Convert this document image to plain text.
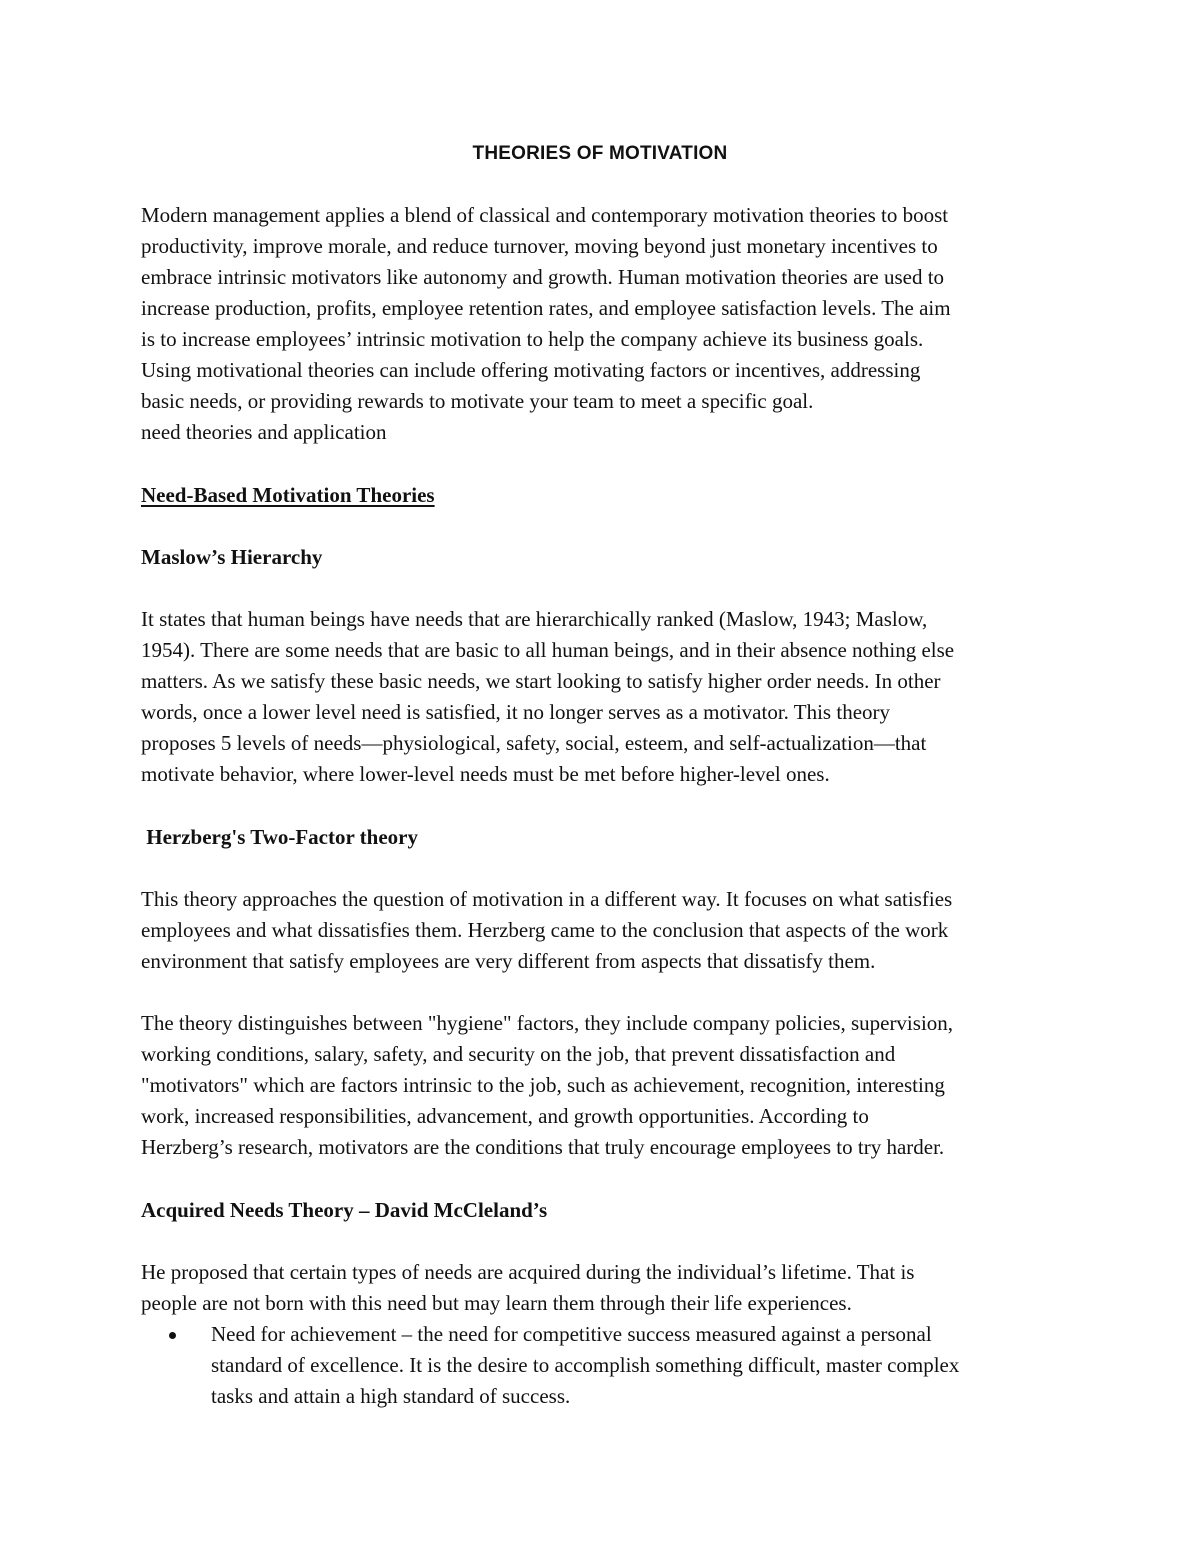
THEORIES OF MOTIVATION
Modern management applies a blend of classical and contemporary motivation theories to boost
productivity, improve morale, and reduce turnover, moving beyond just monetary incentives to
embrace intrinsic motivators like autonomy and growth. Human motivation theories are used to
increase production, profits, employee retention rates, and employee satisfaction levels. The aim
is to increase employees’ intrinsic motivation to help the company achieve its business goals.
Using motivational theories can include offering motivating factors or incentives, addressing
basic needs, or providing rewards to motivate your team to meet a specific goal.
need theories and application
Need-Based Motivation Theories
Maslow’s Hierarchy
It states that human beings have needs that are hierarchically ranked (Maslow, 1943; Maslow,
1954). There are some needs that are basic to all human beings, and in their absence nothing else
matters. As we satisfy these basic needs, we start looking to satisfy higher order needs. In other
words, once a lower level need is satisfied, it no longer serves as a motivator. This theory
proposes 5 levels of needs—physiological, safety, social, esteem, and self-actualization—that
motivate behavior, where lower-level needs must be met before higher-level ones.
Herzberg's Two-Factor theory
This theory approaches the question of motivation in a different way. It focuses on what satisfies
employees and what dissatisfies them. Herzberg came to the conclusion that aspects of the work
environment that satisfy employees are very different from aspects that dissatisfy them.
The theory distinguishes between "hygiene" factors, they include company policies, supervision,
working conditions, salary, safety, and security on the job, that prevent dissatisfaction and
"motivators" which are factors intrinsic to the job, such as achievement, recognition, interesting
work, increased responsibilities, advancement, and growth opportunities. According to
Herzberg’s research, motivators are the conditions that truly encourage employees to try harder.
Acquired Needs Theory – David McCleland’s
He proposed that certain types of needs are acquired during the individual’s lifetime. That is
people are not born with this need but may learn them through their life experiences.
Need for achievement – the need for competitive success measured against a personal
standard of excellence. It is the desire to accomplish something difficult, master complex
tasks and attain a high standard of success.
